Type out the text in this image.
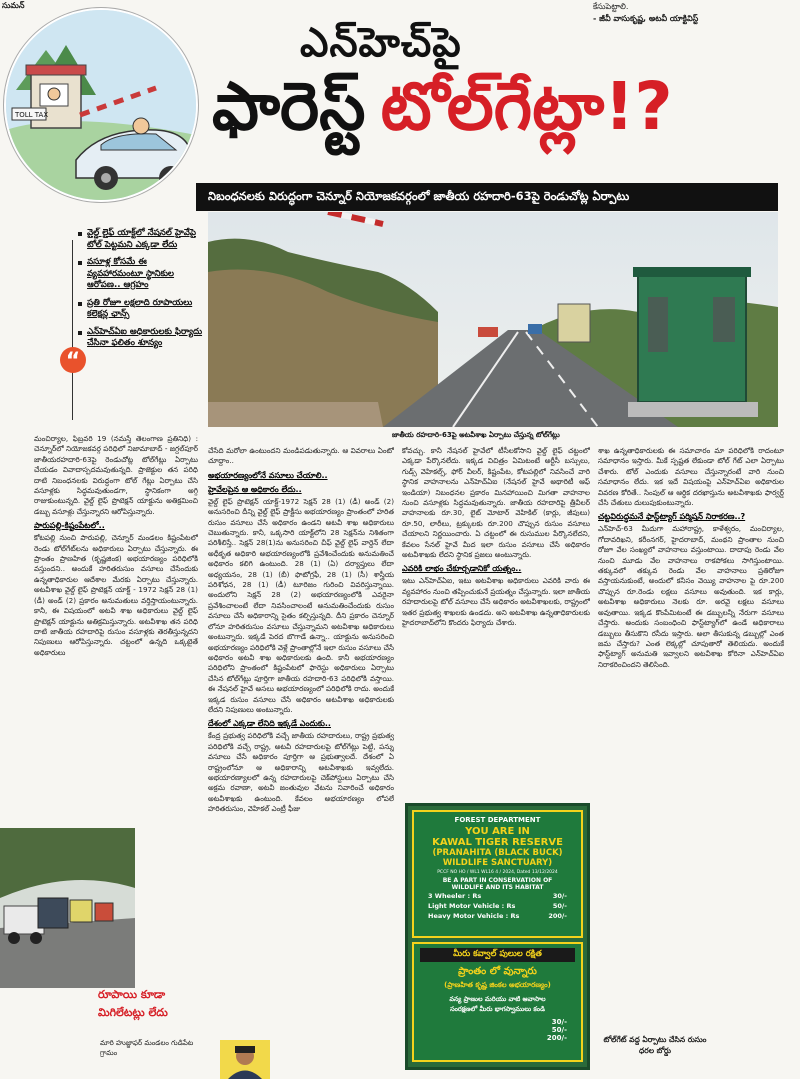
సుమన్	కేసుపెట్టాలి.
- జీవీ వాసుకృష్ణ, అటవీ యాక్టివిస్ట్
TOLL TAX
ఎన్‌హెచ్‌పై
ఫారెస్ట్ టోల్‌గేట్లా!?
నిబంధనలకు విరుద్ధంగా చెన్నూర్ నియోజకవర్గంలో జాతీయ రహదారి-63పై రెండుచోట్ల ఏర్పాటు
వైల్డ్ లైఫ్ యాక్ట్‌లో నేషనల్ హైవేపై టోల్ పెట్టమని ఎక్కడా లేదు
వసూళ్ల కోసమే ఈ వ్యవహారమంటూ స్థానికుల ఆరోపణ.. ఆగ్రహం
ప్రతి రోజూ లక్షలాది రూపాయలు కలెక్షన్ల ఛాన్స్
ఎన్‌హెచ్‌ఏఐ అధికారులకు ఫిర్యాదు చేసినా ఫలితం శూన్యం
“
జాతీయ రహదారి-63పై అటవీశాఖ ఏర్పాటు చేస్తున్న టోల్‌గేట్లు

మంచిర్యాల, ఫిబ్రవరి 19 (నమస్తే తెలంగాణ ప్రతినిధి) : చెన్నూర్‌లో నియోజకవర్గ పరిధిలో నిజామాబాద్ - జగ్దల్‌పూర్ జాతీయరహదారి-63పై రెండుచోట్ల టోల్‌గేట్లు ఏర్పాటు చేయడం వివాదాస్పదమవుతున్నది. ప్రాజెక్టుల తన పరిధి దాటి నిబంధనలకు విరుద్ధంగా టోల్ గేట్లు ఏర్పాటు చేసి వసూళ్లకు సిద్ధమవుతుండగా, స్థానికంగా అగ్గి రాజుకుంటున్నది. వైల్డ్ లైఫ్ ప్రొటెక్షన్ యాక్టును అతిక్రమించి డబ్బు వసూళ్లు చేస్తున్నారని ఆరోపిస్తున్నారు.

పారుపల్లి-కిష్టంపేటలో..

కోటపల్లి నుంచి పారుపల్లి, చెన్నూర్ మండలం కిష్టంపేటలో రెండు టోల్‌గేట్‌లను అధికారులు ఏర్పాటు చేస్తున్నారు. ఈ ప్రాంతం ప్రాణహిత (కృష్ణజింక) అభయారణ్యం పరిధిలోకి వస్తుందని.. అందుకే హరితరుసుం వసూలు చేసేందుకు ఉన్నతాధికారుల ఆదేశాల మేరకు ఏర్పాటు చేస్తున్నారు. అటవీశాఖ వైల్డ్ లైఫ్ ప్రొటెక్షన్ యాక్ట్ - 1972 సెక్షన్ 28 (1)(డీ) అండ్ (2) ప్రకారం అనుమతులు వర్తిస్తాయంటున్నారు. కానీ, ఈ విషయంలో అటవీ శాఖ అధికారులు వైల్డ్ లైఫ్ ప్రొటెక్షన్ యాక్టును అతిక్రమిస్తున్నారు. అటవీశాఖ తన పరిధి దాటి జాతీయ రహదారిపై రుసుం వసూళ్లకు తెరతీస్తున్నదని నిపుణులు ఆరోపిస్తున్నారు. చట్టంలో ఉన్నది ఒక్కటైతే అధికారులు

చేసేది మరోలా ఉంటుందని మండిపడుతున్నారు. ఆ వివరాలు ఏంటో చూద్దాం..

అభయారణ్యంలోనే వసూలు చేయాలి..
హైవేలపైన ఆ అధికారం లేదు..

వైల్డ్ లైఫ్ ప్రొటెక్షన్ యాక్ట్-1972 సెక్షన్ 28 (1) (డీ) అండ్ (2) అనుసరించి దీన్ని వైల్డ్ లైఫ్ ప్రాక్టీసు అభయారణ్యం ప్రాంతంలో హరిత రుసుం వసూలు చేసే అధికారం ఉండని అటవీ శాఖ అధికారులు చెబుతున్నారు. కానీ, ఒక్కసారి యాక్ట్‌లోని 28 సెక్షన్‌ను నిశితంగా పరిశీలిస్తే.. సెక్షన్ 28(1)ను అనుసరించి చీఫ్ వైల్డ్ లైఫ్ వార్డెన్ లేదా అధీకృత అధికారి అభయారణ్యంలోకి ప్రవేశించేందుకు అనుమతించే అధికారం కలిగి ఉంటుంది. 28 (1) (ఏ) దర్యాప్తులు లేదా అధ్యయనం, 28 (1) (బీ) ఫొటోగ్రఫీ, 28 (1) (సీ) శాస్త్రీయ పరిశోధన, 28 (1) (డీ) టూరిజం గురించి వివరిస్తున్నాయి. అందులోని సెక్షన్ 28 (2) అభయారణ్యంలోకి ఎవరైనా ప్రవేశించాలంటే లేదా నివసించాలంటే అనుమతించేందుకు రుసుం వసూలు చేసే అధికారాన్ని సైతం కల్పిస్తున్నది. దీని ప్రకారం చెన్నూర్ లోనూ హరితరుసుం వసూలు చేస్తున్నామని అటవీశాఖ అధికారులు అంటున్నారు. ఇక్కడే పెరద బొగాడే ఉన్నా.. యాక్టును అనుసరించి అభయారణ్యం పరిధిలోకి వెళ్లే ప్రాంతాల్లోనే ఇలా రుసుం వసూలు చేసే అధికారం అటవీ శాఖ అధికారులకు ఉంది. కానీ అభయారణ్యం పరిధిలోని ప్రాంతంలో కిష్టంపేటలో ఫారెస్టు అధికారులు ఏర్పాటు చేసిన టోల్‌గేట్లు పూర్తిగా జాతీయ రహదారి-63 పరిధిలోకి వస్తాయి. ఈ నేషనల్ హైవే అసలు అభయారణ్యంలో పరిధిలోకి రాదు. అందుకే ఇక్కడ రుసుం వసూలు చేసే అధికారం అటవీశాఖ అధికారులకు లేదని నిపుణులు అంటున్నారు.

దేశంలో ఎక్కడా లేనిది ఇక్కడే ఎందుకు..

కేంద్ర ప్రభుత్వ పరిధిలోకి వచ్చే జాతీయ రహదారులు, రాష్ట్ర ప్రభుత్వ పరిధిలోకి వచ్చే రాష్ట్ర, అటవీ రహదారులపై టోల్‌గేట్లు పెట్టి, పన్ను వసూలు చేసే అధికారం పూర్తిగా ఆ ప్రభుత్వాలదే. దేశంలో ఏ రాష్ట్రంలోనూ ఆ అధికారాన్ని అటవీశాఖకు ఇవ్వలేదు. అభయారణ్యాలలో ఉన్న రహదారులపై చెక్‌పోస్టులు ఏర్పాటు చేసి అక్రమ రవాణా, అటవీ జంతువుల వేటను నివారించే అధికారం అటవీశాఖకు ఉంటుంది. కేవలం అభయారణ్యం లోపలే హరితరుసుం, వెహికల్ ఎంట్రీ ఫీజు

కోవచ్చు. కానీ నేషనల్ హైవేలో టీసీలకోసాని వైల్డ్ లైఫ్ చట్టంలో ఎక్కడా పేర్కొనలేదు. ఇక్కడ విచిత్రం ఏమిటంటే అర్టీసీ బస్సులు, గుడ్స్ వెహికల్స్, ఫోర్ వీలర్, కిష్టంపేట, కోటపల్లిలో నివసించే వారి స్థానిక వాహనాలను ఎన్‌హెచ్‌ఏఐ (నేషనల్ హైవే అథారిటీ ఆఫ్ ఇండియా) నిబంధనల ప్రకారం మినహాయించి మిగతా వాహనాల నుంచి వసూళ్లకు సిద్ధమవుతున్నారు. జాతీయ రహదారిపై త్రీవీలర్ వాహనాలకు రూ.30, లైట్ మోటార్ వెహికిల్ (కార్లు, జీపులు) రూ.50, లారీలు, ట్రక్కులకు రూ.200 చొప్పున రుసుం వసూలు చేయాలని నిర్ణయించారు. ఏ చట్టంలో ఈ రుసుముల పేర్కొనలేదని, కేవలం సేనల్ హైవే మీద ఇలా రుసుం వసూలు చేసే అధికారం అటవీశాఖకు లేదని స్థానిక ప్రజలు అంటున్నారు.

ఎవరికి లాభం చేకూర్చడానికో యత్నం..

ఇటు ఎన్‌హెచ్‌ఏఐ, ఇటు అటవీశాఖ అధికారులు ఎవరికి వారు ఈ వ్యవహారం నుంచి తప్పించుకునే ప్రయత్నం చేస్తున్నారు. ఇలా జాతీయ రహదారులపై టోల్ వసూలు చేసే అధికారం అటవీశాఖలకు, రాష్ట్రంలో ఇతర ప్రభుత్వ శాఖలకు ఉండదు. అని అటవీశాఖ ఉన్నతాధికారులకు హైదరాబాద్‌లోని కొందరు ఫిర్యాదు చేశారు.

శాఖ ఉన్నతాధికారులకు ఈ సమాచారం మా పరిధిలోకి రాదంటూ సమాధానం ఇస్తారు. మీకే స్పష్టత లేకుండా టోల్ గేట్ ఎలా ఏర్పాటు చేశారు. టోల్ ఎందుకు వసూలు చేస్తున్నారంటే వారి నుంచి సమాధానం లేదు. ఇక ఇదే విషయంపై ఎన్‌హెచ్‌ఏఐ అధికారుల వివరణ కోరితే.. సింపుల్ ఆ ఆర్థిక దరఖాస్తును అటవీశాఖకు ఫార్వర్డ్ చేసి చేతులు దులుపుకుంటున్నారు.

చట్టవిరుద్ధమనే ఫాస్ట్‌ట్యాగ్ పర్మిషన్ నిరాకరణ..?

ఎన్‌హెచ్-63 మీదుగా మహారాష్ట్ర, కాళేశ్వరం, మంచిర్యాల, గోదావరిఖని, కరీంనగర్, హైదరాబాద్, మంథని ప్రాంతాల నుంచి రోజూ వేల సంఖ్యలో వాహనాలు వస్తుంటాయి. దాదాపు రెండు వేల నుంచి మూడు వేల వాహనాలు రాకపోకలు సాగిస్తుంటాయి. తక్కువలో తక్కువ రెండు వేల వాహనాలు ప్రతిరోజూ వస్తాయనుకుంటే, అందులో కనీసం వెయ్యి వాహనాల పై రూ.200 చొప్పున రూ.రెండు లక్షలు వసూలు అవుతుంది. ఇక కార్లు, అటవీశాఖ అధికారులు నెలకు రూ. అరవై లక్షలు వసూలు అవుతాయి. ఇక్కడ కొంపేమిటంటే ఈ డబ్బులన్నీ నేరుగా వసూలు చేస్తారు. అందుకు సంబంధించి ఫాస్ట్‌ట్యాగ్‌లో ఉండే అధికారాలు డబ్బులు తీసుకొని రసీదు ఇస్తారు. అలా తీసుకున్న డబ్బుల్లో ఎంత జమ చేస్తారు? ఎంత లెక్కల్లో చూపుతారో తెలియదు. అందుకే ఫాస్ట్‌ట్యాగ్ అనుమతి ఇవ్వాలని అటవీశాఖ కోరినా ఎన్‌హెచ్‌ఏఐ నిరాకరించిందని తెలిసింది.

టోల్‌గేట్ వద్ద ఏర్పాటు చేసిన రుసుం ధరల బోర్డు
రూపాయి కూడా
మిగిలేటట్లు లేదు
మారి హుజ్జాఫర్ మండలం గుడిపేట గ్రామం
FOREST DEPARTMENT
YOU ARE IN
KAWAL TIGER RESERVE
(PRANAHITA (BLACK BUCK)
WILDLIFE SANCTUARY)
PCCF NO HO / WL1 WL16 4 / 2024, Dated 13/12/2024
BE A PART IN CONSERVATION OF
WILDLIFE AND ITS HABITAT
3 Wheeler : Rs	30/-
Light Motor Vehicle : Rs	50/-
Heavy Motor Vehicle : Rs	200/-
మీరు కవ్వాల్ పులుల రక్షిత
ప్రాంతం లో వున్నారు
(ప్రాణహిత కృష్ణ జింకల అభయారణ్యం)
వన్య ప్రాణుల మరియు వాటి ఆవాసాల
సంరక్షణలో మీరు భాగస్వాములు కండి
30/-
50/-
200/-
